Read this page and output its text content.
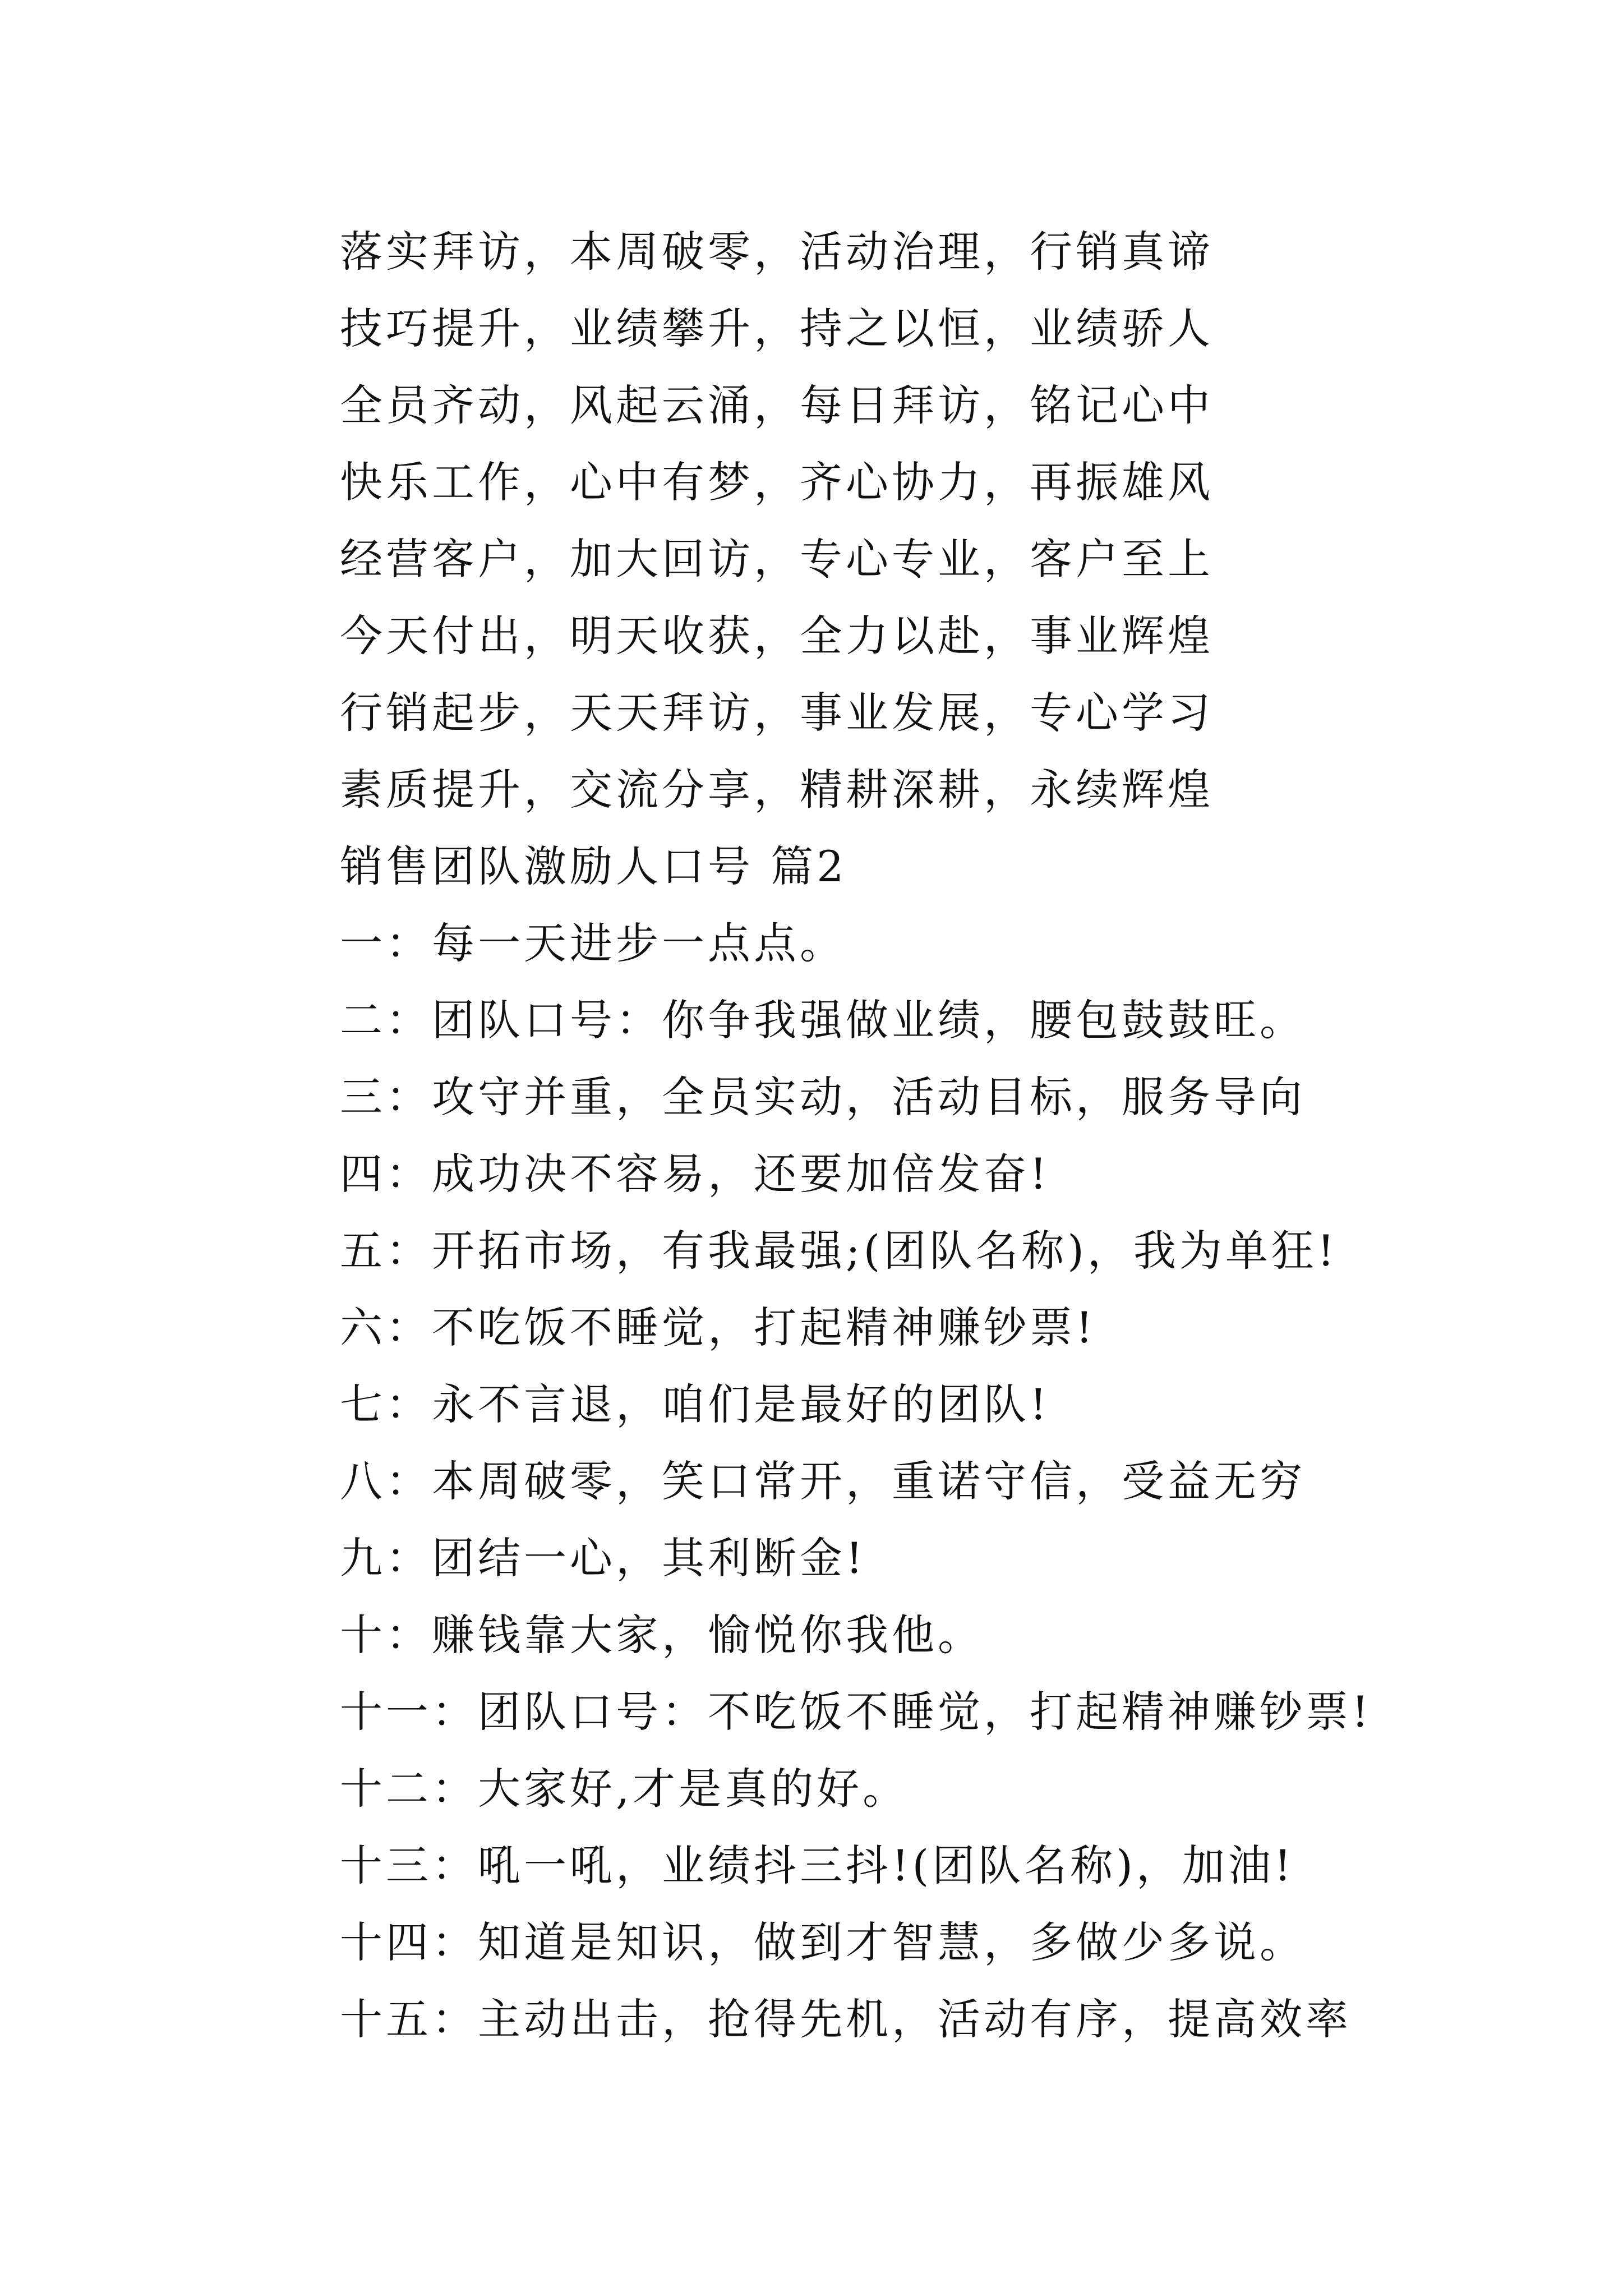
落实拜访，本周破零，活动治理，行销真谛
技巧提升，业绩攀升，持之以恒，业绩骄人
全员齐动，风起云涌，每日拜访，铭记心中
快乐工作，心中有梦，齐心协力，再振雄风
经营客户，加大回访，专心专业，客户至上
今天付出，明天收获，全力以赴，事业辉煌
行销起步，天天拜访，事业发展，专心学习
素质提升，交流分享，精耕深耕，永续辉煌
销售团队激励人口号 篇2
一：每一天进步一点点。
二：团队口号：你争我强做业绩，腰包鼓鼓旺。
三：攻守并重，全员实动，活动目标，服务导向
四：成功决不容易，还要加倍发奋!
五：开拓市场，有我最强;(团队名称)，我为单狂!
六：不吃饭不睡觉，打起精神赚钞票!
七：永不言退，咱们是最好的团队!
八：本周破零，笑口常开，重诺守信，受益无穷
九：团结一心，其利断金!
十：赚钱靠大家，愉悦你我他。
十一：团队口号：不吃饭不睡觉，打起精神赚钞票!
十二：大家好,才是真的好。
十三：吼一吼，业绩抖三抖!(团队名称)，加油!
十四：知道是知识，做到才智慧，多做少多说。
十五：主动出击，抢得先机，活动有序，提高效率
